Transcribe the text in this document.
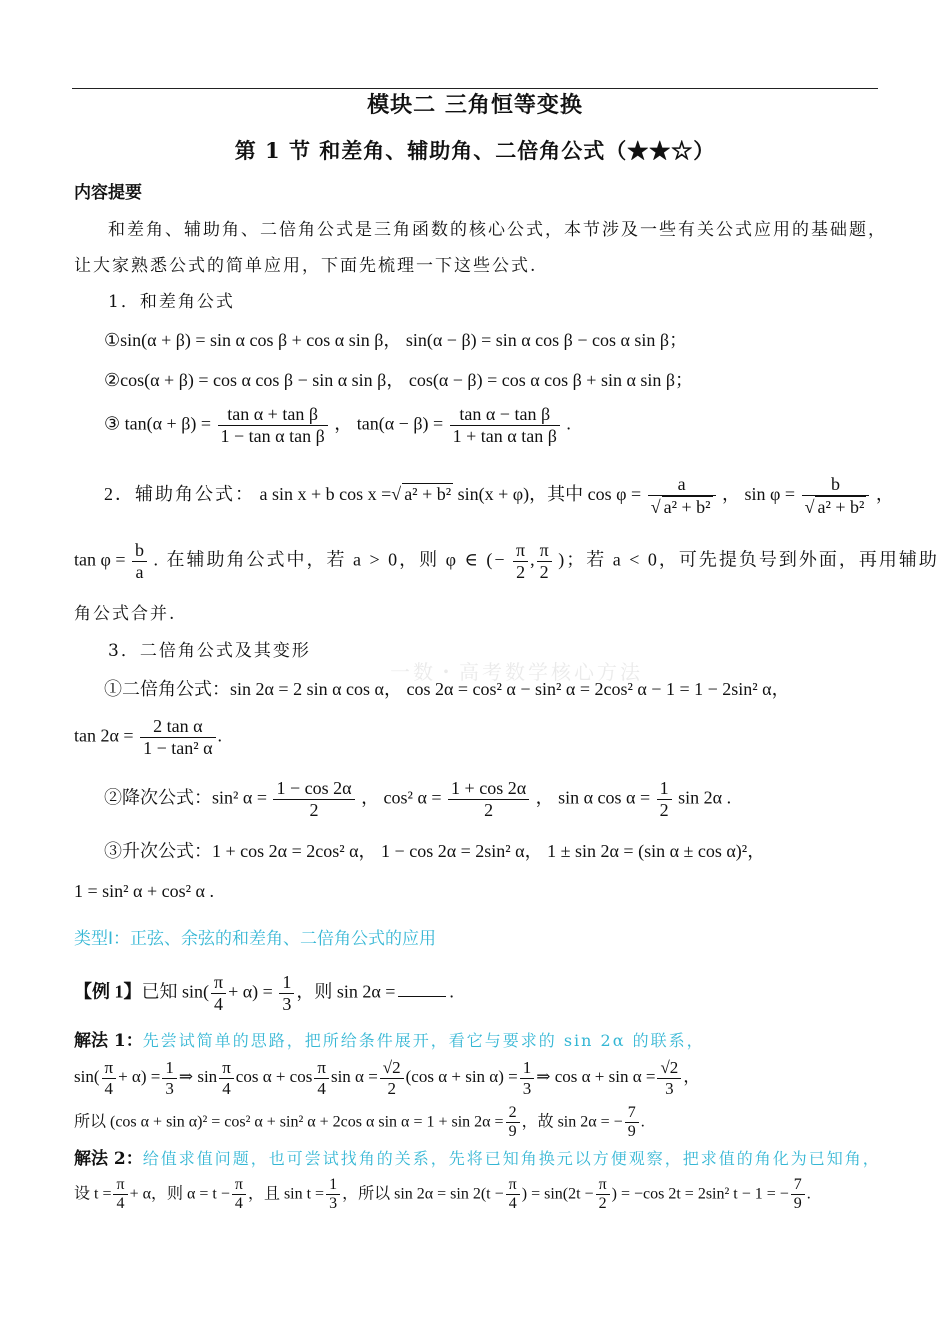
模块二 三角恒等变换
第 1 节 和差角、辅助角、二倍角公式（★★☆）
内容提要
和差角、辅助角、二倍角公式是三角函数的核心公式，本节涉及一些有关公式应用的基础题，
让大家熟悉公式的简单应用，下面先梳理一下这些公式.
1．和差角公式
①sin(α + β) = sin α cos β + cos α sin β， sin(α − β) = sin α cos β − cos α sin β；
②cos(α + β) = cos α cos β − sin α sin β， cos(α − β) = cos α cos β + sin α sin β；
③ $\tan(\alpha + \beta) = \frac{\text{tan α + tan β}}{\text{1 − tan α tan β}}$ ， $\tan(\alpha - \beta) = \frac{\text{tan α − tan β}}{\text{1 + tan α tan β}}$ .
2．辅助角公式： a sin x + b cos x =√ a² + b² sin(x + φ)，其中 $\cos \varphi = \frac{a}{\text{√ a² + b²}}$ ， $\sin \varphi = \frac{b}{\text{√ a² + b²}}$ ，
$\tan \varphi = \frac{b}{a}$ . 在辅助角公式中，若 a > 0，则 φ ∈ (− $\frac{\pi}{2}$ , $\frac{\pi}{2}$ )；若 a < 0，可先提负号到外面，再用辅助
角公式合并.
3．二倍角公式及其变形
一数・高考数学核心方法
①二倍角公式：sin 2α = 2 sin α cos α， cos 2α = cos² α − sin² α = 2cos² α − 1 = 1 − 2sin² α，
$\tan 2\alpha = \frac{\text{2 tan α}}{\text{1 − tan² α}}$ .
②降次公式：sin² $\alpha = \frac{1 - \cos 2\alpha}{2}$ ， cos² $\alpha = \frac{1 + \cos 2\alpha}{2}$ ， sin α $\cos \alpha = \frac{1}{2}$ sin 2α .
③升次公式：1 + cos 2α = 2cos² α， 1 − cos 2α = 2sin² α， 1 ± sin 2α = (sin α ± cos α)²，
1 = sin² α + cos² α .
类型Ⅰ：正弦、余弦的和差角、二倍角公式的应用
【例 1】已知 $\sin( \frac{\pi}{4} + \alpha) = \frac{1}{3}$ ，则 sin 2α =	.
解法 1：先尝试简单的思路，把所给条件展开，看它与要求的 sin 2α 的联系，
$\sin( \frac{\pi}{4} + \alpha) = \frac{1}{3}$ ⇒ $\sin \frac{\pi}{4}$ $\cos \alpha + \cos \frac{\pi}{4}$ $\sin \alpha = \frac{√2}{2} (\cos$ $\alpha + \sin \alpha) = \frac{1}{3}$ ⇒ $\cos \alpha + \sin \alpha = \frac{√2}{3}$ ，
所以 (cos α + sin α)² = cos² α + sin² α + 2cos α $\sin \alpha = 1 + \sin 2\alpha = \frac{2}{9}$ ，故 sin 2α = − $\frac{7}{9}$ .
解法 2：给值求值问题，也可尝试找角的关系，先将已知角换元以方便观察，把求值的角化为已知角，
设 $t = \frac{\pi}{4} + \alpha$，则 $\alpha = t - \frac{\pi}{4}$ ，且 $\sin t = \frac{1}{3}$ ，所以 $\sin 2\alpha = \sin 2(t - \frac{\pi}{4}$ ) = $\sin(2t - \frac{\pi}{2}$ ) = −cos 2t = 2sin² t − 1 = − $\frac{7}{9}$ .
